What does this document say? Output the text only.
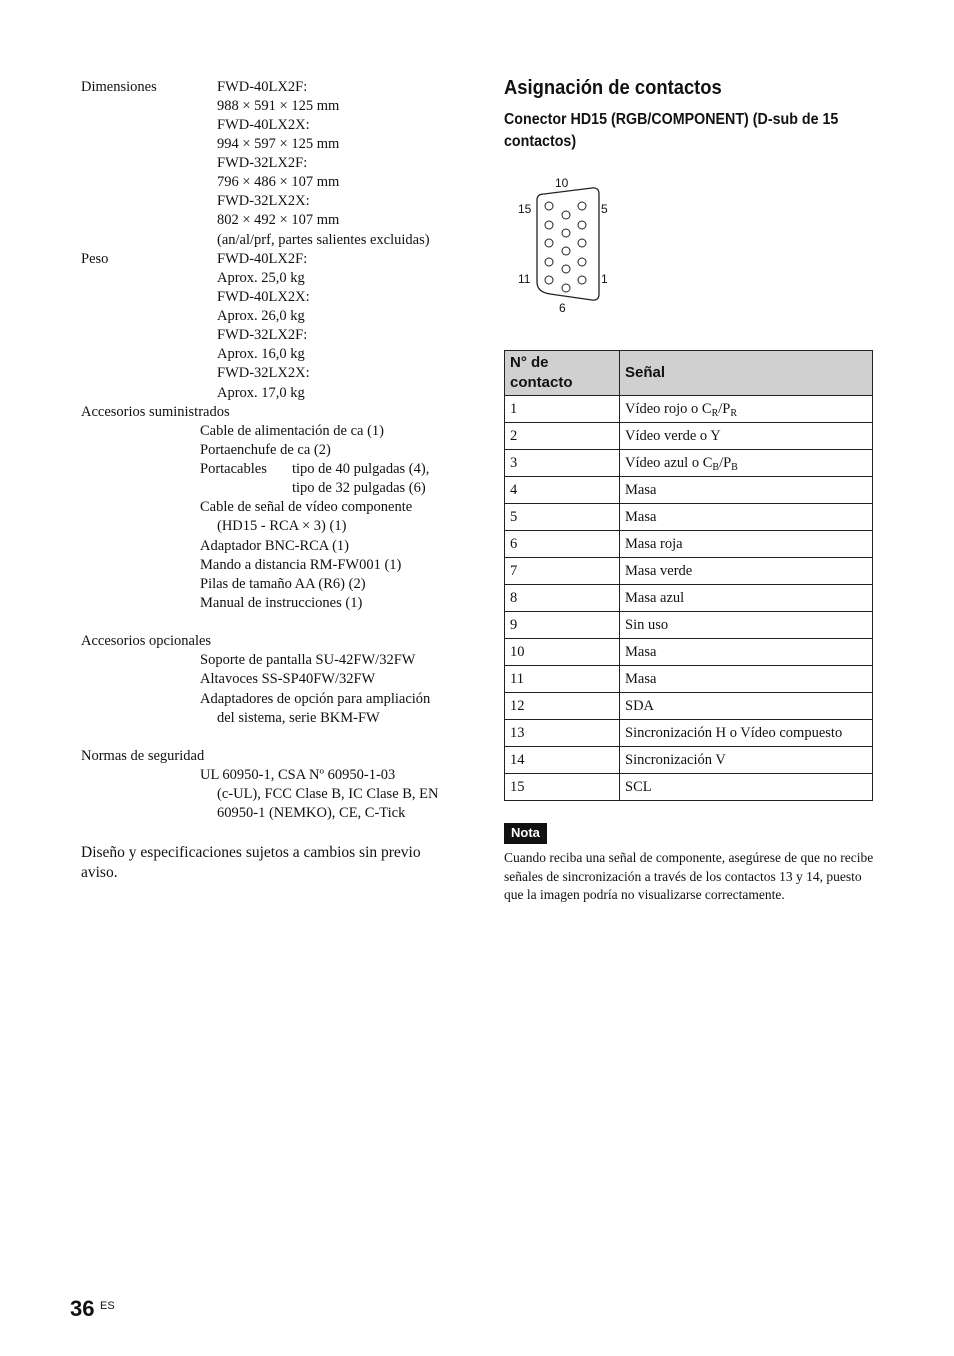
Dimensiones	FWD-40LX2F:
988 × 591 × 125 mm
FWD-40LX2X:
994 × 597 × 125 mm
FWD-32LX2F:
796 × 486 × 107 mm
FWD-32LX2X:
802 × 492 × 107 mm
(an/al/prf, partes salientes excluidas)
Peso	FWD-40LX2F:
Aprox. 25,0 kg
FWD-40LX2X:
Aprox. 26,0 kg
FWD-32LX2F:
Aprox. 16,0 kg
FWD-32LX2X:
Aprox. 17,0 kg
Accesorios suministrados
Cable de alimentación de ca (1)
Portaenchufe de ca (2)
Portacables tipo de 40 pulgadas (4),
tipo de 32 pulgadas (6)
Cable de señal de vídeo componente
(HD15 - RCA × 3) (1)
Adaptador BNC-RCA (1)
Mando a distancia RM-FW001 (1)
Pilas de tamaño AA (R6) (2)
Manual de instrucciones (1)
Accesorios opcionales
Soporte de pantalla SU-42FW/32FW
Altavoces SS-SP40FW/32FW
Adaptadores de opción para ampliación
del sistema, serie BKM-FW
Normas de seguridad
UL 60950-1, CSA Nº 60950-1-03
(c-UL), FCC Clase B, IC Clase B, EN
60950-1 (NEMKO), CE, C-Tick
Diseño y especificaciones sujetos a cambios sin previo aviso.
Asignación de contactos
Conector HD15 (RGB/COMPONENT) (D-sub de 15 contactos)
10
15	5
11	1
6
N° de contacto	Señal
1	Vídeo rojo o $C_R/P_R$
2	Vídeo verde o Y
3	Vídeo azul o $C_B/P_B$
4	Masa
5	Masa
6	Masa roja
7	Masa verde
8	Masa azul
9	Sin uso
10	Masa
11	Masa
12	SDA
13	Sincronización H o Vídeo compuesto
14	Sincronización V
15	SCL
Nota
Cuando reciba una señal de componente, asegúrese de que no recibe señales de sincronización a través de los contactos 13 y 14, puesto que la imagen podría no visualizarse correctamente.
36 ES
